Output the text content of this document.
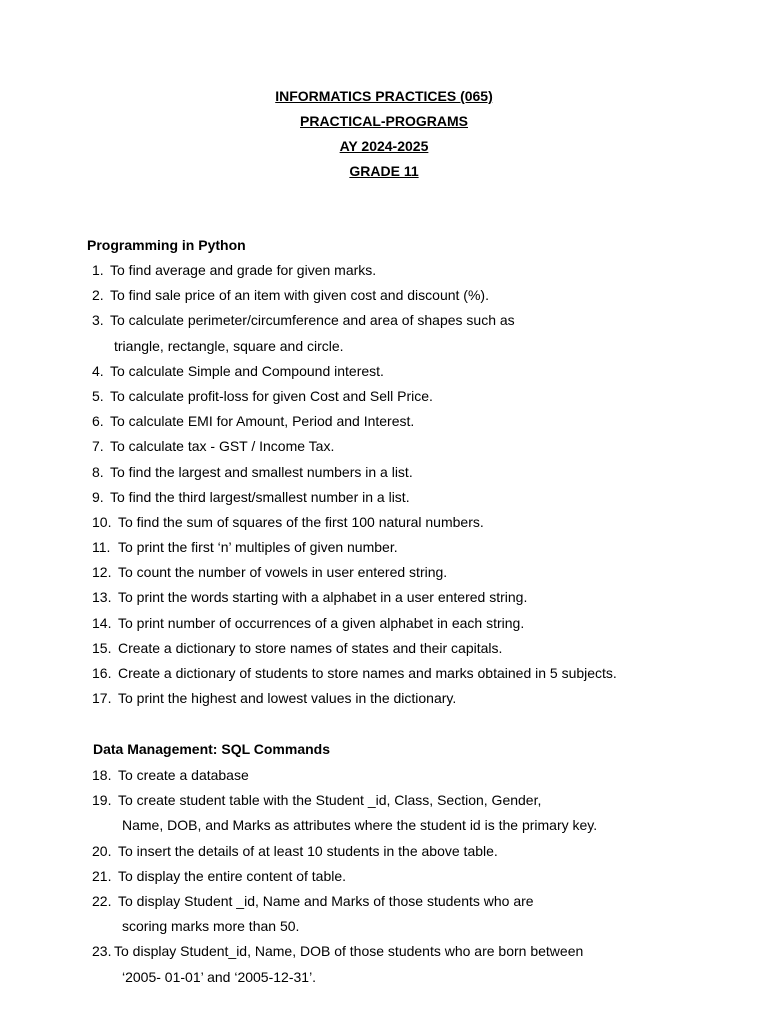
INFORMATICS PRACTICES (065)
PRACTICAL-PROGRAMS
AY 2024-2025
GRADE 11
Programming in Python
1. To find average and grade for given marks.
2. To find sale price of an item with given cost and discount (%).
3. To calculate perimeter/circumference and area of shapes such as
triangle, rectangle, square and circle.
4. To calculate Simple and Compound interest.
5. To calculate profit-loss for given Cost and Sell Price.
6. To calculate EMI for Amount, Period and Interest.
7. To calculate tax - GST / Income Tax.
8. To find the largest and smallest numbers in a list.
9. To find the third largest/smallest number in a list.
10. To find the sum of squares of the first 100 natural numbers.
11. To print the first ‘n’ multiples of given number.
12. To count the number of vowels in user entered string.
13. To print the words starting with a alphabet in a user entered string.
14. To print number of occurrences of a given alphabet in each string.
15. Create a dictionary to store names of states and their capitals.
16. Create a dictionary of students to store names and marks obtained in 5 subjects.
17. To print the highest and lowest values in the dictionary.
Data Management: SQL Commands
18. To create a database
19. To create student table with the Student _id, Class, Section, Gender,
Name, DOB, and Marks as attributes where the student id is the primary key.
20. To insert the details of at least 10 students in the above table.
21. To display the entire content of table.
22. To display Student _id, Name and Marks of those students who are
scoring marks more than 50.
23. To display Student_id, Name, DOB of those students who are born between
‘2005- 01-01’ and ‘2005-12-31’.
